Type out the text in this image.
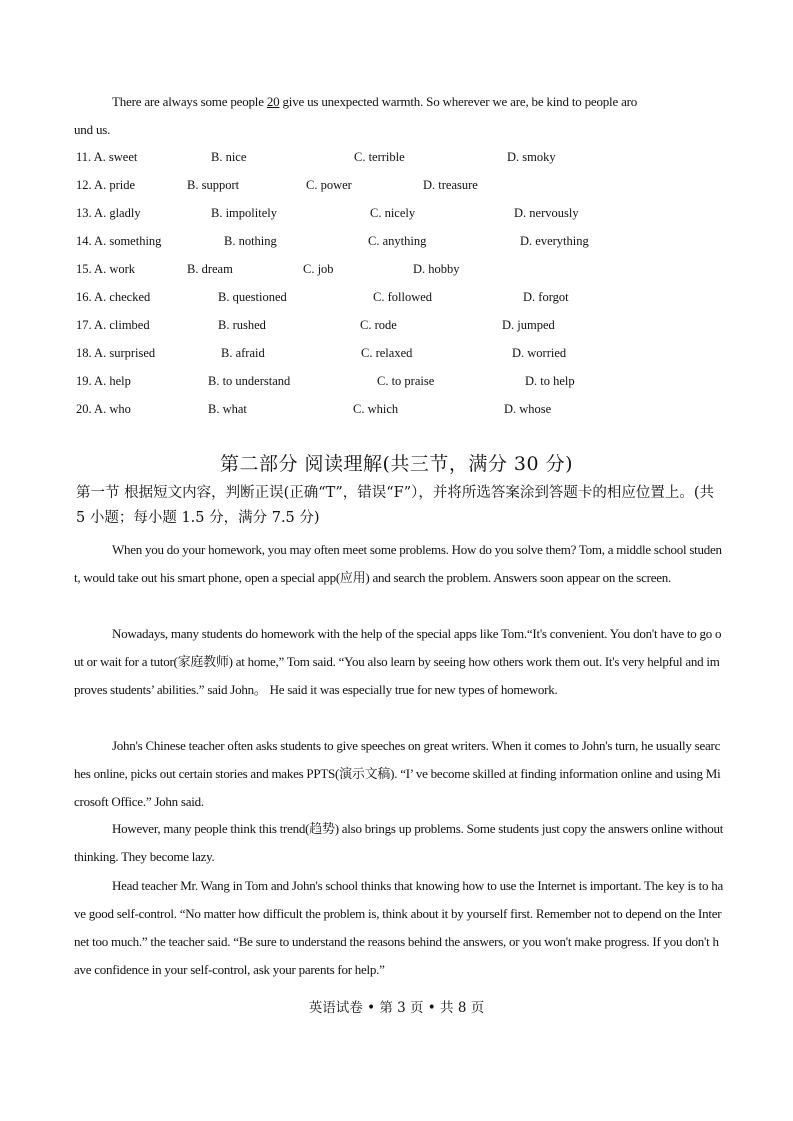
There are always some people 20 give us unexpected warmth. So wherever we are, be kind to people aro
und us.
11. A. sweet	B. nice	C. terrible	D. smoky
12. A. pride	B. support	C. power	D. treasure
13. A. gladly	B. impolitely	C. nicely	D. nervously
14. A. something	B. nothing	C. anything	D. everything
15. A. work	B. dream	C. job	D. hobby
16. A. checked	B. questioned	C. followed	D. forgot
17. A. climbed	B. rushed	C. rode	D. jumped
18. A. surprised	B. afraid	C. relaxed	D. worried
19. A. help	B. to understand	C. to praise	D. to help
20. A. who	B. what	C. which	D. whose
第二部分 阅读理解(共三节，满分 30 分)
第一节 根据短文内容，判断正误(正确“T”，错误“F”），并将所选答案涂到答题卡的相应位置上。(共 5 小题；每小题 1.5 分，满分 7.5 分)
When you do your homework, you may often meet some problems. How do you solve them? Tom, a middle school student, would take out his smart phone, open a special app(应用) and search the problem. Answers soon appear on the screen.
Nowadays, many students do homework with the help of the special apps like Tom.“It's convenient. You don't have to go out or wait for a tutor(家庭教师) at home,” Tom said. “You also learn by seeing how others work them out. It's very helpful and improves students’ abilities.” said John。 He said it was especially true for new types of homework.
John's Chinese teacher often asks students to give speeches on great writers. When it comes to John's turn, he usually searches online, picks out certain stories and makes PPTS(演示文稿). “I’ ve become skilled at finding information online and using Microsoft Office.” John said.
However, many people think this trend(趋势) also brings up problems. Some students just copy the answers online without thinking. They become lazy.
Head teacher Mr. Wang in Tom and John's school thinks that knowing how to use the Internet is important. The key is to have good self-control. “No matter how difficult the problem is, think about it by yourself first. Remember not to depend on the Internet too much.” the teacher said. “Be sure to understand the reasons behind the answers, or you won't make progress. If you don't have confidence in your self-control, ask your parents for help.”
英语试卷 • 第 3 页 • 共 8 页
